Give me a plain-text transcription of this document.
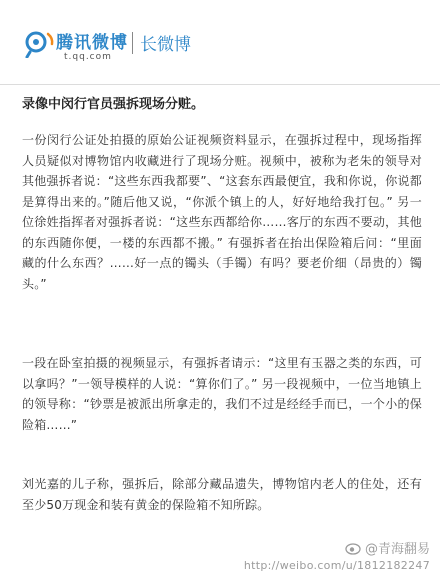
腾讯微博
t.qq.com
长微博
录像中闵行官员强拆现场分赃。

一份闵行公证处拍摄的原始公证视频资料显示，在强拆过程中，现场指挥人员疑似对博物馆内收藏进行了现场分赃。视频中，被称为老朱的领导对其他强拆者说：“这些东西我都要”、“这套东西最便宜，我和你说，你说都是算得出来的。”随后他又说，“你派个镇上的人，好好地给我打包。” 另一位徐姓指挥者对强拆者说：“这些东西都给你……客厅的东西不要动，其他的东西随你便，一楼的东西都不搬。” 有强拆者在抬出保险箱后问：“里面藏的什么东西？……好一点的镯头（手镯）有吗？要老价细（昂贵的）镯头。”

一段在卧室拍摄的视频显示，有强拆者请示：“这里有玉器之类的东西，可以拿吗？”一领导模样的人说：“算你们了。” 另一段视频中，一位当地镇上的领导称：“钞票是被派出所拿走的，我们不过是经经手而已，一个小的保险箱……”

刘光嘉的儿子称，强拆后，除部分藏品遗失，博物馆内老人的住处，还有至少50万现金和装有黄金的保险箱不知所踪。

@青海翻易
http://weibo.com/u/1812182247
